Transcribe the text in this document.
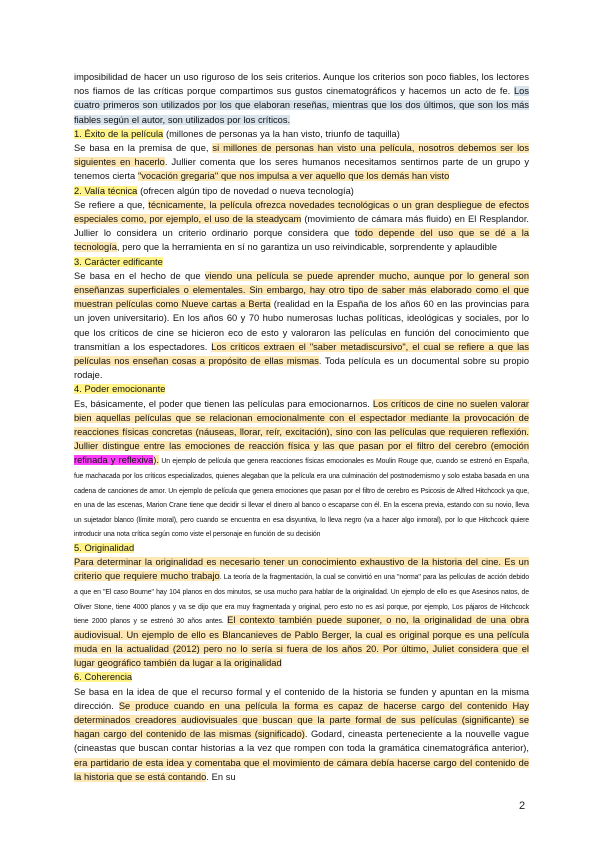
imposibilidad de hacer un uso riguroso de los seis criterios. Aunque los criterios son poco fiables, los lectores nos fiamos de las críticas porque compartimos sus gustos cinematográficos y hacemos un acto de fe. Los cuatro primeros son utilizados por los que elaboran reseñas, mientras que los dos últimos, que son los más fiables según el autor, son utilizados por los críticos.

1. Éxito de la película (millones de personas ya la han visto, triunfo de taquilla)

Se basa en la premisa de que, si millones de personas han visto una película, nosotros debemos ser los siguientes en hacerlo. Jullier comenta que los seres humanos necesitamos sentirnos parte de un grupo y tenemos cierta "vocación gregaria" que nos impulsa a ver aquello que los demás han visto

2. Valía técnica (ofrecen algún tipo de novedad o nueva tecnología)

Se refiere a que, técnicamente, la película ofrezca novedades tecnológicas o un gran despliegue de efectos especiales como, por ejemplo, el uso de la steadycam (movimiento de cámara más fluido) en El Resplandor. Jullier lo considera un criterio ordinario porque considera que todo depende del uso que se dé a la tecnología, pero que la herramienta en sí no garantiza un uso reivindicable, sorprendente y aplaudible

3. Carácter edificante

Se basa en el hecho de que viendo una película se puede aprender mucho, aunque por lo general son enseñanzas superficiales o elementales. Sin embargo, hay otro tipo de saber más elaborado como el que muestran películas como Nueve cartas a Berta (realidad en la España de los años 60 en las provincias para un joven universitario). En los años 60 y 70 hubo numerosas luchas políticas, ideológicas y sociales, por lo que los críticos de cine se hicieron eco de esto y valoraron las películas en función del conocimiento que transmitían a los espectadores. Los críticos extraen el "saber metadiscursivo", el cual se refiere a que las películas nos enseñan cosas a propósito de ellas mismas. Toda película es un documental sobre su propio rodaje.

4. Poder emocionante

Es, básicamente, el poder que tienen las películas para emocionarnos. Los críticos de cine no suelen valorar bien aquellas películas que se relacionan emocionalmente con el espectador mediante la provocación de reacciones físicas concretas (náuseas, llorar, reír, excitación), sino con las películas que requieren reflexión. Jullier distingue entre las emociones de reacción física y las que pasan por el filtro del cerebro (emoción refinada y reflexiva). Un ejemplo de película que genera reacciones físicas emocionales es Moulin Rouge que, cuando se estrenó en España, fue machacada por los críticos especializados, quienes alegaban que la película era una culminación del postmodernismo y solo estaba basada en una cadena de canciones de amor. Un ejemplo de película que genera emociones que pasan por el filtro de cerebro es Psicosis de Alfred Hitchcock ya que, en una de las escenas, Marion Crane tiene que decidir si llevar el dinero al banco o escaparse con él. En la escena previa, estando con su novio, lleva un sujetador blanco (límite moral), pero cuando se encuentra en esa disyuntiva, lo lleva negro (va a hacer algo inmoral), por lo que Hitchcock quiere introducir una nota crítica según como viste el personaje en función de su decisión

5. Originalidad

Para determinar la originalidad es necesario tener un conocimiento exhaustivo de la historia del cine. Es un criterio que requiere mucho trabajo. La teoría de la fragmentación, la cual se convirtió en una "norma" para las películas de acción debido a que en "El caso Bourne" hay 104 planos en dos minutos, se usa mucho para hablar de la originalidad. Un ejemplo de ello es que Asesinos natos, de Oliver Stone, tiene 4000 planos y va se dijo que era muy fragmentada y original, pero esto no es así porque, por ejemplo, Los pájaros de Hitchcock tiene 2000 planos y se estrenó 30 años antes. El contexto también puede suponer, o no, la originalidad de una obra audiovisual. Un ejemplo de ello es Blancanieves de Pablo Berger, la cual es original porque es una película muda en la actualidad (2012) pero no lo sería si fuera de los años 20. Por último, Juliet considera que el lugar geográfico también da lugar a la originalidad

6. Coherencia

Se basa en la idea de que el recurso formal y el contenido de la historia se funden y apuntan en la misma dirección. Se produce cuando en una película la forma es capaz de hacerse cargo del contenido Hay determinados creadores audiovisuales que buscan que la parte formal de sus películas (significante) se hagan cargo del contenido de las mismas (significado). Godard, cineasta perteneciente a la nouvelle vague (cineastas que buscan contar historias a la vez que rompen con toda la gramática cinematográfica anterior), era partidario de esta idea y comentaba que el movimiento de cámara debía hacerse cargo del contenido de la historia que se está contando. En su

2
